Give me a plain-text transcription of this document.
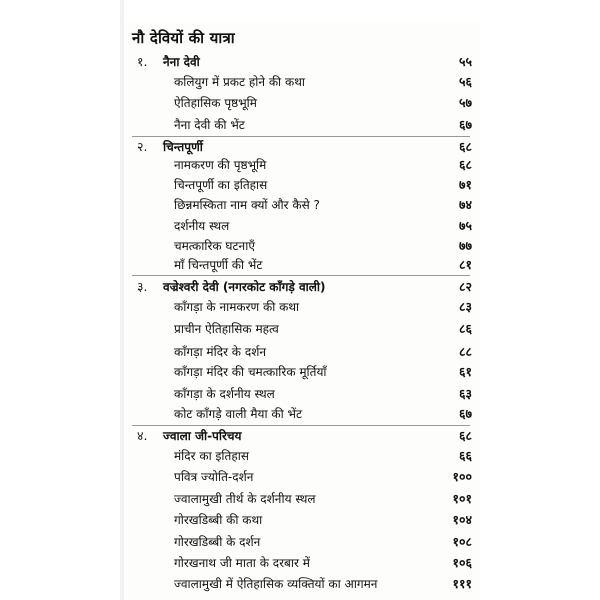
नौ देवियों की यात्रा
१. नैना देवी	५५
कलियुग में प्रकट होने की कथा	५६
ऐतिहासिक पृष्ठभूमि	५७
नैना देवी की भेंट	६७
२. चिन्तपूर्णी	६८
नामकरण की पृष्ठभूमि	६८
चिन्तपूर्णी का इतिहास	७१
छिन्नमस्किता नाम क्यों और कैसे ?	७४
दर्शनीय स्थल	७५
चमत्कारिक घटनाएँ	७७
माँ चिन्तपूर्णी की भेंट	८१
३. वज्रेश्वरी देवी (नगरकोट काँगड़े वाली)	८२
काँगड़ा के नामकरण की कथा	८३
प्राचीन ऐतिहासिक महत्व	८६
काँगड़ा मंदिर के दर्शन	८८
काँगड़ा मंदिर की चमत्कारिक मूर्तियाँ	६१
काँगड़ा के दर्शनीय स्थल	६३
कोट काँगड़े वाली मैया की भेंट	६७
४. ज्वाला जी-परिचय	६८
मंदिर का इतिहास	६६
पवित्र ज्योति-दर्शन	१००
ज्वालामुखी तीर्थ के दर्शनीय स्थल	१०१
गोरखडिब्बी की कथा	१०४
गोरखडिब्बी के दर्शन	१०८
गोरखनाथ जी माता के दरबार में	१०६
ज्वालामुखी में ऐतिहासिक व्यक्तियों का आगमन	१११
